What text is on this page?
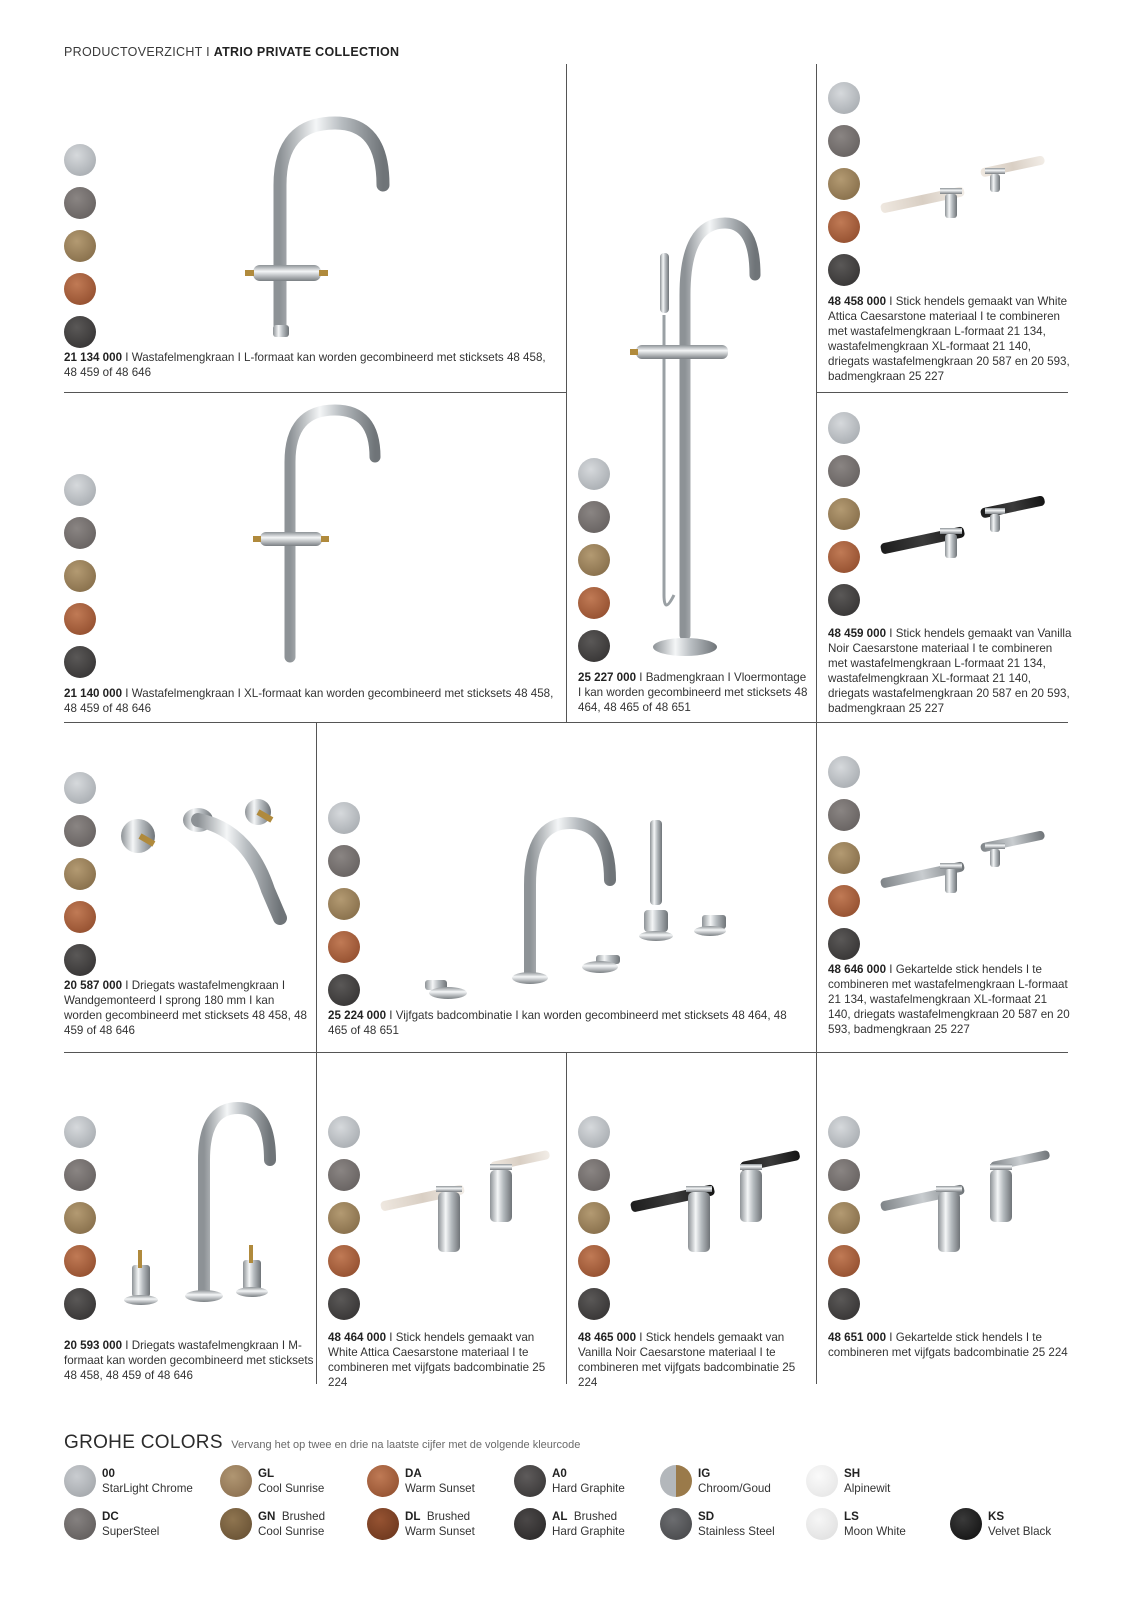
PRODUCTOVERZICHT I ATRIO PRIVATE COLLECTION
21 134 000 I Wastafelmengkraan I L-formaat kan worden gecombineerd met sticksets 48 458, 48 459 of 48 646
25 227 000 I Badmengkraan I Vloermontage I kan worden gecombineerd met sticksets 48 464, 48 465 of 48 651
48 458 000 I Stick hendels gemaakt van White Attica Caesarstone materiaal I te combineren met wastafelmengkraan L-formaat 21 134, wastafelmengkraan XL-formaat 21 140, driegats wastafelmengkraan 20 587 en 20 593, badmengkraan 25 227
21 140 000 I Wastafelmengkraan I XL-formaat kan worden gecombineerd met sticksets 48 458, 48 459 of 48 646
48 459 000 I Stick hendels gemaakt van Vanilla Noir Caesarstone materiaal I te combineren met wastafelmengkraan L-formaat 21 134, wastafelmengkraan XL-formaat 21 140, driegats wastafelmengkraan 20 587 en 20 593, badmengkraan 25 227
20 587 000 I Driegats wastafelmengkraan I Wandgemonteerd I sprong 180 mm I kan worden gecombineerd met sticksets 48 458, 48 459 of 48 646
25 224 000 I Vijfgats badcombinatie I kan worden gecombineerd met sticksets 48 464, 48 465 of 48 651
48 646 000 I Gekartelde stick hendels I te combineren met wastafelmengkraan L-formaat 21 134, wastafelmengkraan XL-formaat 21 140, driegats wastafelmengkraan 20 587 en 20 593, badmengkraan 25 227
20 593 000 I Driegats wastafelmengkraan I M-formaat kan worden gecombineerd met sticksets 48 458, 48 459 of 48 646
48 464 000 I Stick hendels gemaakt van White Attica Caesarstone materiaal I te combineren met vijfgats badcombinatie 25 224
48 465 000 I Stick hendels gemaakt van Vanilla Noir Caesarstone materiaal I te combineren met vijfgats badcombinatie 25 224
48 651 000 I Gekartelde stick hendels I te combineren met vijfgats badcombinatie 25 224
GROHE COLORS Vervang het op twee en drie na laatste cijfer met de volgende kleurcode
00
StarLight Chrome
GL
Cool Sunrise
DA
Warm Sunset
A0
Hard Graphite
IG
Chroom/Goud
SH
Alpinewit
DC
SuperSteel
GN Brushed
Cool Sunrise
DL Brushed
Warm Sunset
AL Brushed
Hard Graphite
SD
Stainless Steel
LS
Moon White
KS
Velvet Black
